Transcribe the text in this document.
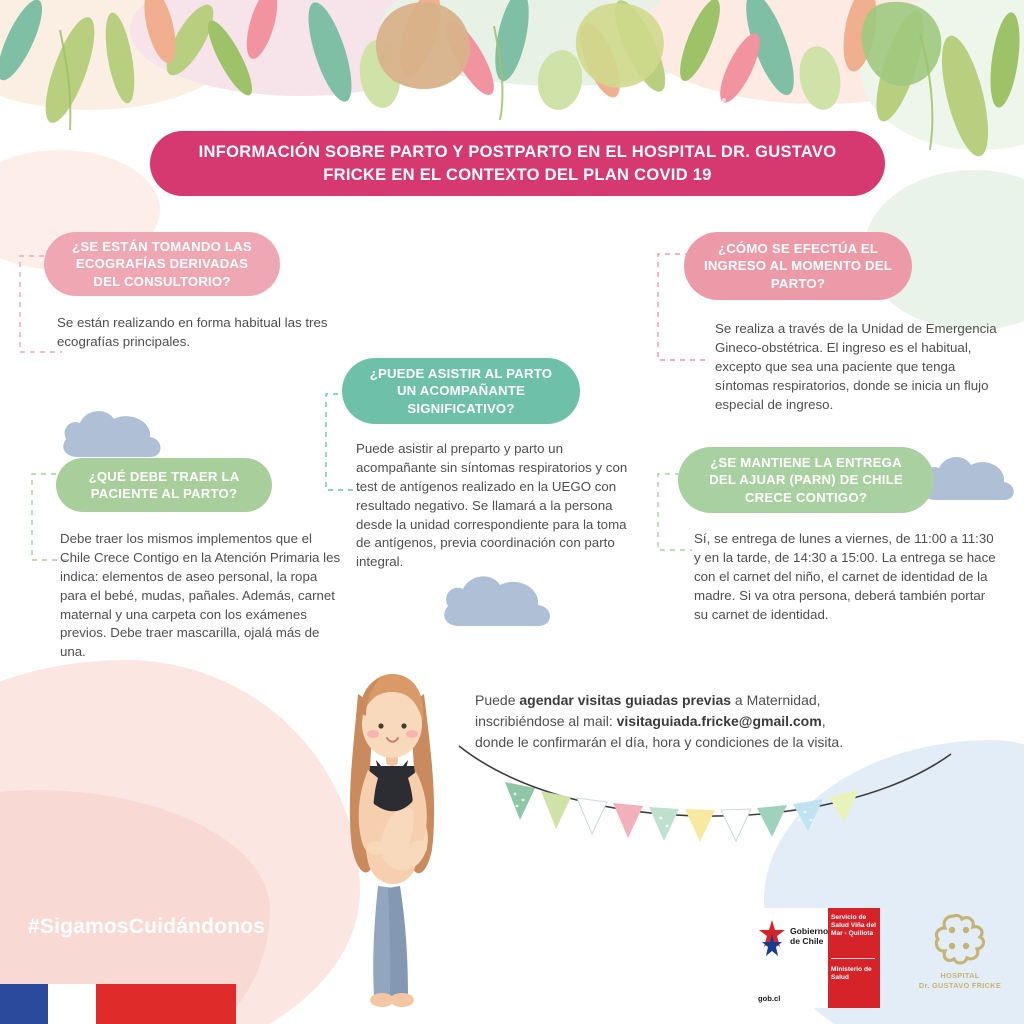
INFORMACIÓN SOBRE PARTO Y POSTPARTO EN EL HOSPITAL DR. GUSTAVO FRICKE EN EL CONTEXTO DEL PLAN COVID 19
¿SE ESTÁN TOMANDO LAS ECOGRAFÍAS DERIVADAS DEL CONSULTORIO?
Se están realizando en forma habitual las tres ecografías principales.
¿CÓMO SE EFECTÚA EL INGRESO AL MOMENTO DEL PARTO?
Se realiza a través de la Unidad de Emergencia Gineco-obstétrica. El ingreso es el habitual, excepto que sea una paciente que tenga síntomas respiratorios, donde se inicia un flujo especial de ingreso.
¿PUEDE ASISTIR AL PARTO UN ACOMPAÑANTE SIGNIFICATIVO?
Puede asistir al preparto y parto un acompañante sin síntomas respiratorios y con test de antígenos realizado en la UEGO con resultado negativo. Se llamará a la persona desde la unidad correspondiente para la toma de antígenos, previa coordinación con parto integral.
¿QUÉ DEBE TRAER LA PACIENTE AL PARTO?
Debe traer los mismos implementos que el Chile Crece Contigo en la Atención Primaria les indica: elementos de aseo personal, la ropa para el bebé, mudas, pañales. Además, carnet maternal y una carpeta con los exámenes previos. Debe traer mascarilla, ojalá más de una.
¿SE MANTIENE LA ENTREGA DEL AJUAR (PARN) DE CHILE CRECE CONTIGO?
Sí, se entrega de lunes a viernes, de 11:00 a 11:30 y en la tarde, de 14:30 a 15:00. La entrega se hace con el carnet del niño, el carnet de identidad de la madre. Si va otra persona, deberá también portar su carnet de identidad.
Puede agendar visitas guiadas previas a Maternidad,
inscribiéndose al mail: visitaguiada.fricke@gmail.com,
donde le confirmarán el día, hora y condiciones de la visita.
#SigamosCuidándonos	Gobierno
de Chile
gob.cl
Servicio de Salud Viña del Mar - Quillota
Ministerio de Salud	HOSPITAL
Dr. GUSTAVO FRICKE
